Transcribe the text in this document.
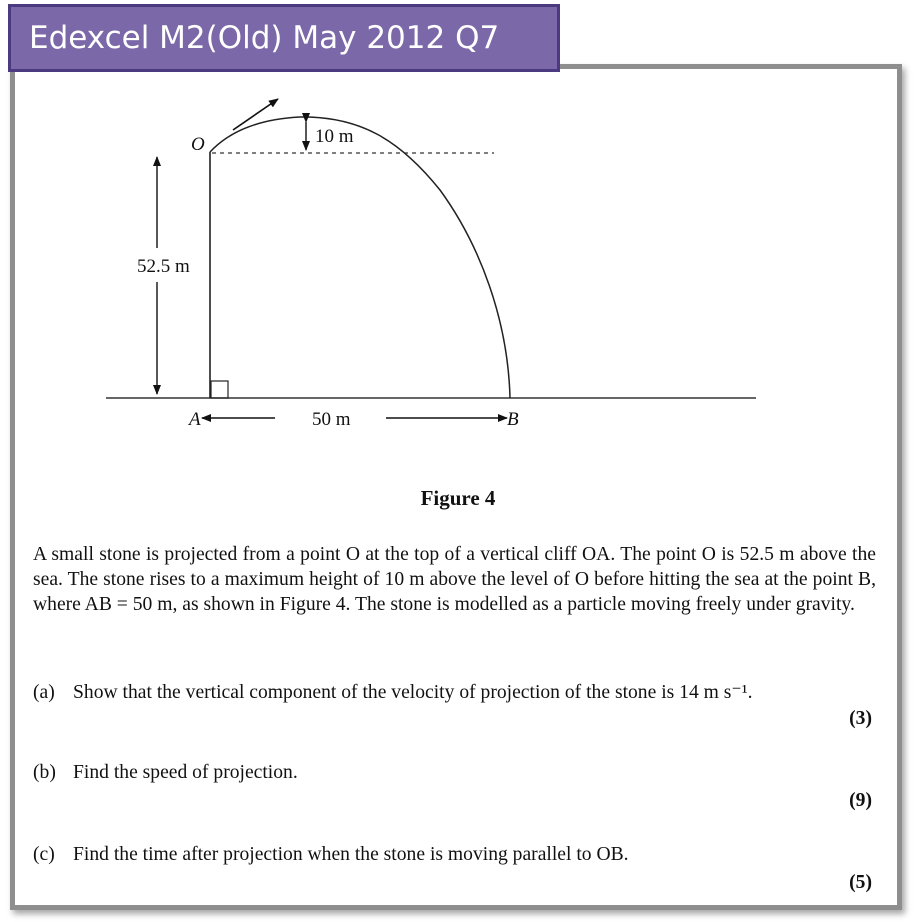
Edexcel M2(Old) May 2012 Q7
O
A	B
52.5 m
10 m
50 m
Figure 4
A small stone is projected from a point O at the top of a vertical cliff OA. The point O is 52.5 m above the sea. The stone rises to a maximum height of 10 m above the level of O before hitting the sea at the point B, where AB = 50 m, as shown in Figure 4. The stone is modelled as a particle moving freely under gravity.
(a) Show that the vertical component of the velocity of projection of the stone is 14 m s⁻¹.
(3)
(b) Find the speed of projection.
(9)
(c) Find the time after projection when the stone is moving parallel to OB.
(5)
